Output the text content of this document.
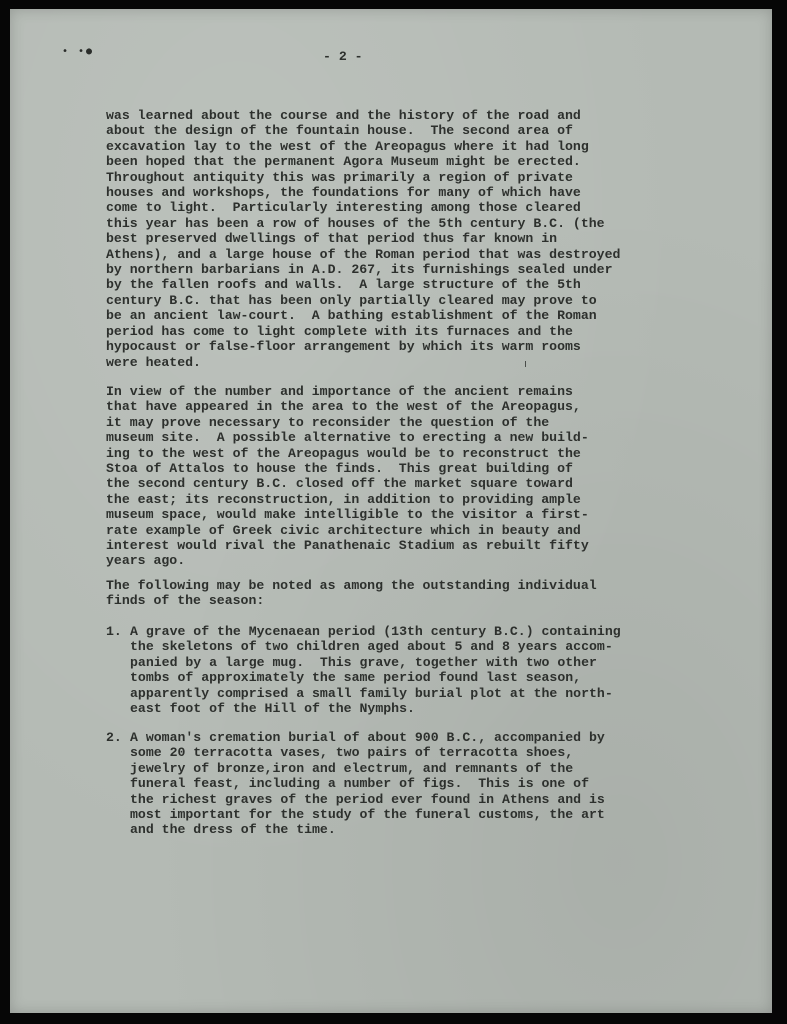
• •●	- 2 -
was learned about the course and the history of the road and
about the design of the fountain house.  The second area of
excavation lay to the west of the Areopagus where it had long
been hoped that the permanent Agora Museum might be erected.
Throughout antiquity this was primarily a region of private
houses and workshops, the foundations for many of which have
come to light.  Particularly interesting among those cleared
this year has been a row of houses of the 5th century B.C. (the
best preserved dwellings of that period thus far known in
Athens), and a large house of the Roman period that was destroyed
by northern barbarians in A.D. 267, its furnishings sealed under
by the fallen roofs and walls.  A large structure of the 5th
century B.C. that has been only partially cleared may prove to
be an ancient law-court.  A bathing establishment of the Roman
period has come to light complete with its furnaces and the
hypocaust or false-floor arrangement by which its warm rooms
were heated.
In view of the number and importance of the ancient remains
that have appeared in the area to the west of the Areopagus,
it may prove necessary to reconsider the question of the
museum site.  A possible alternative to erecting a new build-
ing to the west of the Areopagus would be to reconstruct the
Stoa of Attalos to house the finds.  This great building of
the second century B.C. closed off the market square toward
the east; its reconstruction, in addition to providing ample
museum space, would make intelligible to the visitor a first-
rate example of Greek civic architecture which in beauty and
interest would rival the Panathenaic Stadium as rebuilt fifty
years ago.
The following may be noted as among the outstanding individual
finds of the season:
1. A grave of the Mycenaean period (13th century B.C.) containing
the skeletons of two children aged about 5 and 8 years accom-
panied by a large mug.  This grave, together with two other
tombs of approximately the same period found last season,
apparently comprised a small family burial plot at the north-
east foot of the Hill of the Nymphs.
2. A woman's cremation burial of about 900 B.C., accompanied by
some 20 terracotta vases, two pairs of terracotta shoes,
jewelry of bronze,iron and electrum, and remnants of the
funeral feast, including a number of figs.  This is one of
the richest graves of the period ever found in Athens and is
most important for the study of the funeral customs, the art
and the dress of the time.
